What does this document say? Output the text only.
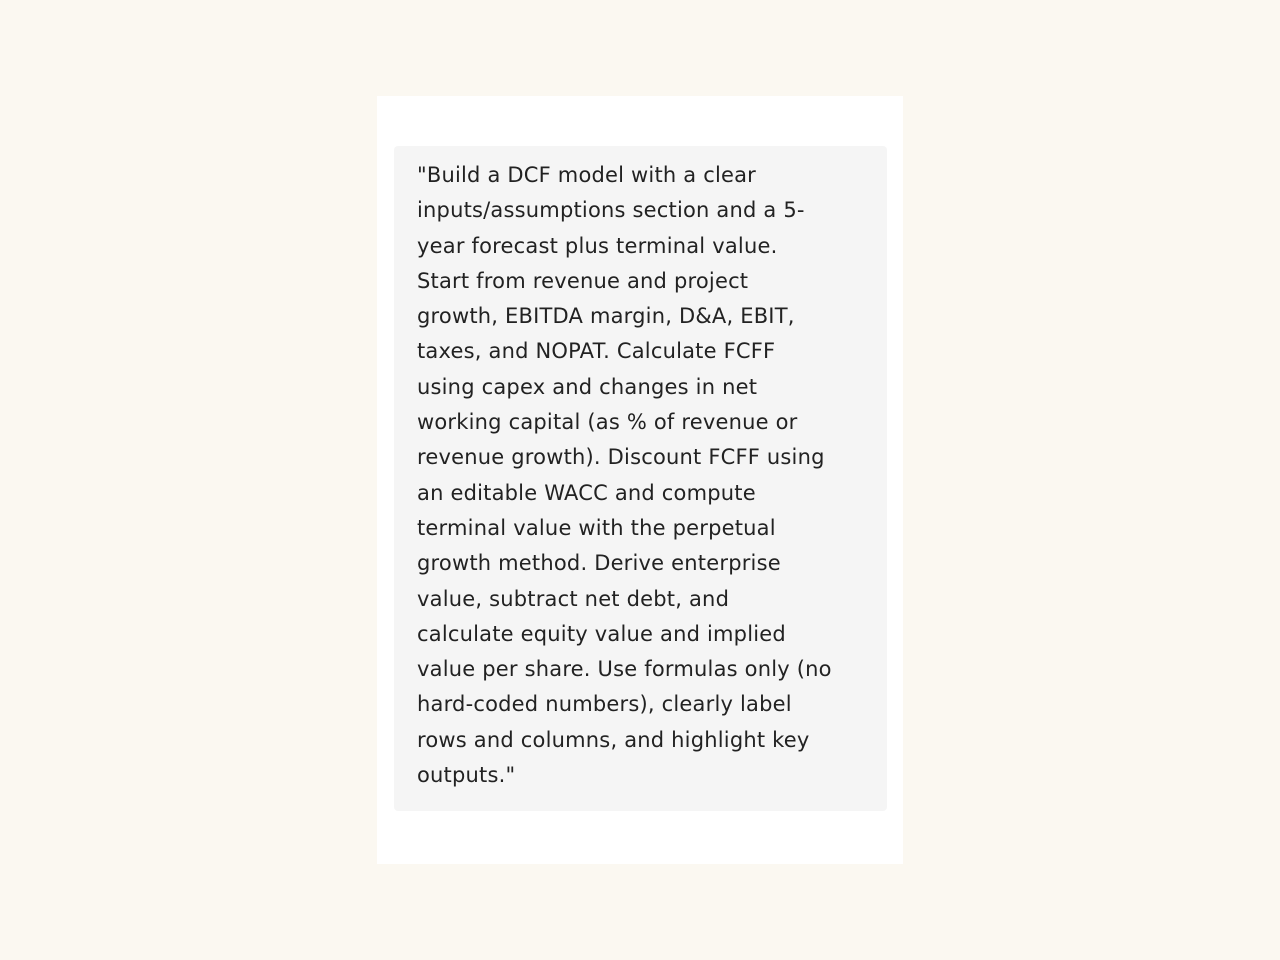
"Build a DCF model with a clear
inputs/assumptions section and a 5-
year forecast plus terminal value.
Start from revenue and project
growth, EBITDA margin, D&A, EBIT,
taxes, and NOPAT. Calculate FCFF
using capex and changes in net
working capital (as % of revenue or
revenue growth). Discount FCFF using
an editable WACC and compute
terminal value with the perpetual
growth method. Derive enterprise
value, subtract net debt, and
calculate equity value and implied
value per share. Use formulas only (no
hard-coded numbers), clearly label
rows and columns, and highlight key
outputs."
